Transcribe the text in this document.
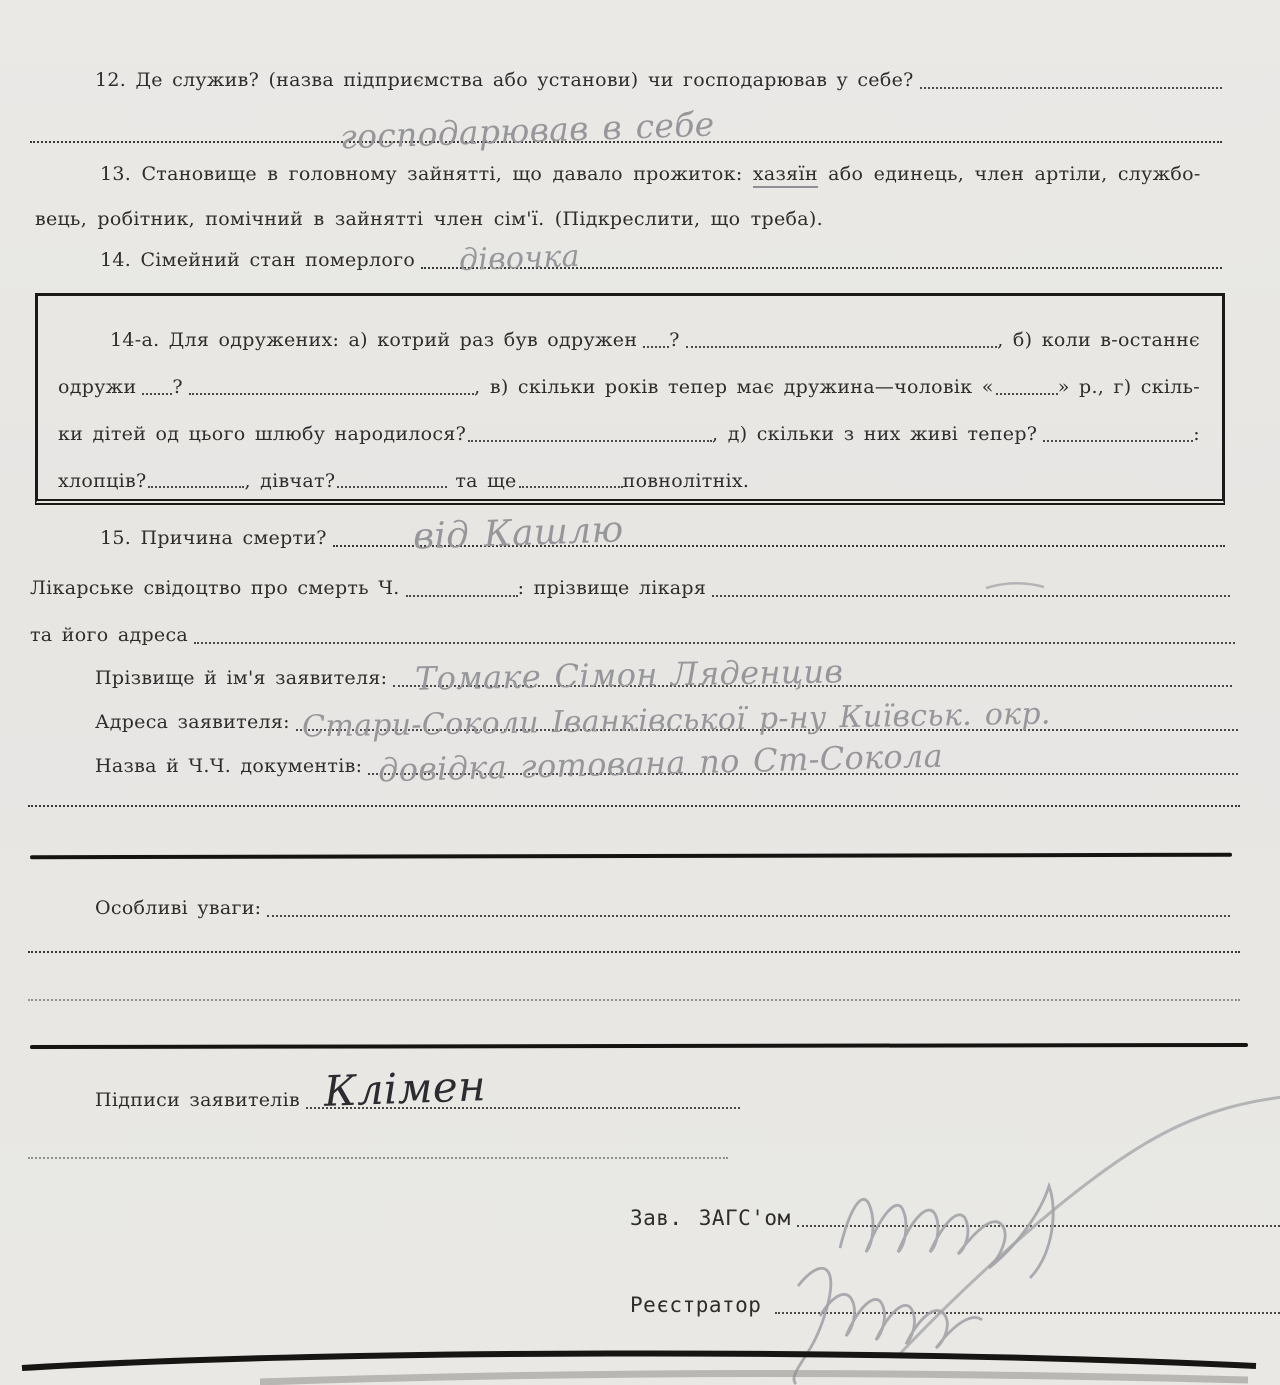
12. Де служив? (назва підприємства або установи) чи господарював у себе?
господарював в себе

13. Становище в головному зайнятті, що давало прожиток: хазяїн або единець, член артіли, службо-

вець, робітник, помічний в зайнятті член сім'ї. (Підкреслити, що треба).

14. Сімейний стан померлого дівочка
14-а. Для одружених: а) котрий раз був одружен ?	, б) коли в-останнє
одружи ?	, в) скільки років тепер має дружина—чоловік «	» р., г) скіль-
ки дітей од цього шлюбу народилося?	, д) скільки з них живі тепер?	:
хлопців?	, дівчат?	та ще	повнолітніх.
15. Причина смерти? від Кашлю
Лікарське свідоцтво про смерть Ч.	: прізвище лікаря
та його адреса
Прізвище й ім'я заявителя: Томаке Сімон Ляденцив
Адреса заявителя: Стари-Соколи Іванківської р-ну Київськ. окр.
Назва й Ч.Ч. документів: довідка готована по Ст-Сокола
Особливі уваги:
Підписи заявителів Клімен
Зав. ЗАГС'ом
Реєстратор
